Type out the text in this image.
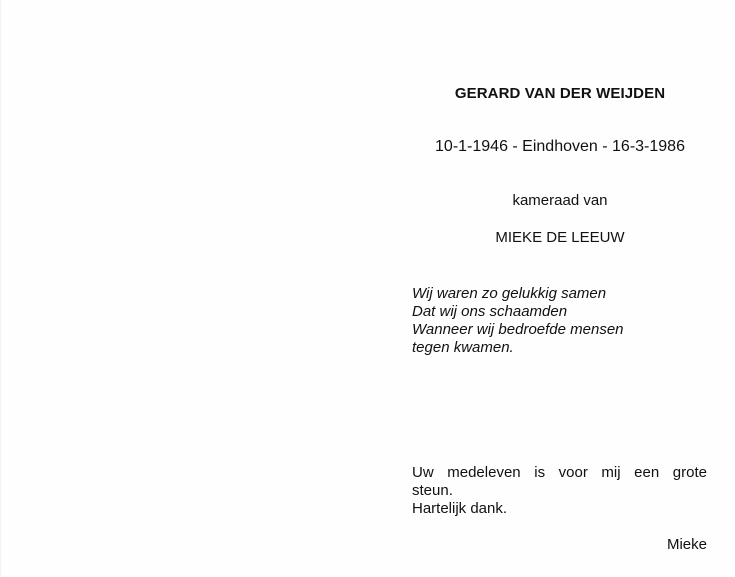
GERARD VAN DER WEIJDEN
10-1-1946 - Eindhoven - 16-3-1986
kameraad van
MIEKE DE LEEUW
Wij waren zo gelukkig samen
Dat wij ons schaamden
Wanneer wij bedroefde mensen
tegen kwamen.
Uw medeleven is voor mij een grote
steun.
Hartelijk dank.
Mieke
